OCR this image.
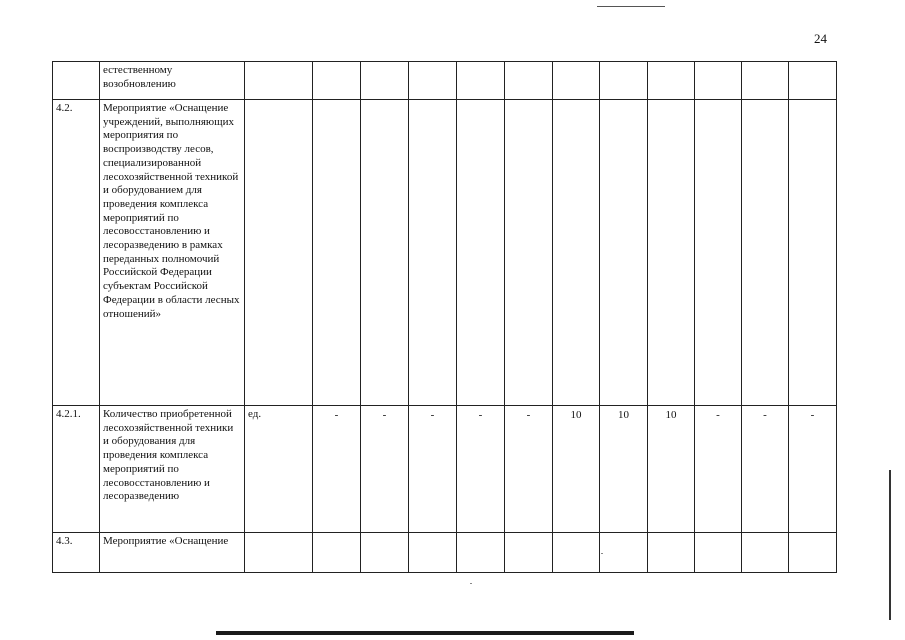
24
	естественному возобновлению		

4.2.	Мероприятие «Оснащение учреждений, выполняющих мероприятия по воспроизводству лесов, специализированной лесохозяйственной техникой и оборудованием для проведения комплекса мероприятий по лесовосстановлению и лесоразведению в рамках переданных полномочий Российской Федерации субъектам Российской Федерации в области лесных отношений»		

4.2.1.	Количество приобретенной лесохозяйственной техники и оборудования для проведения комплекса мероприятий по лесовосстановлению и лесоразведению	ед.	-	-	-	-	-	10	10	10	-	-	-

4.3.	Мероприятие «Оснащение		
